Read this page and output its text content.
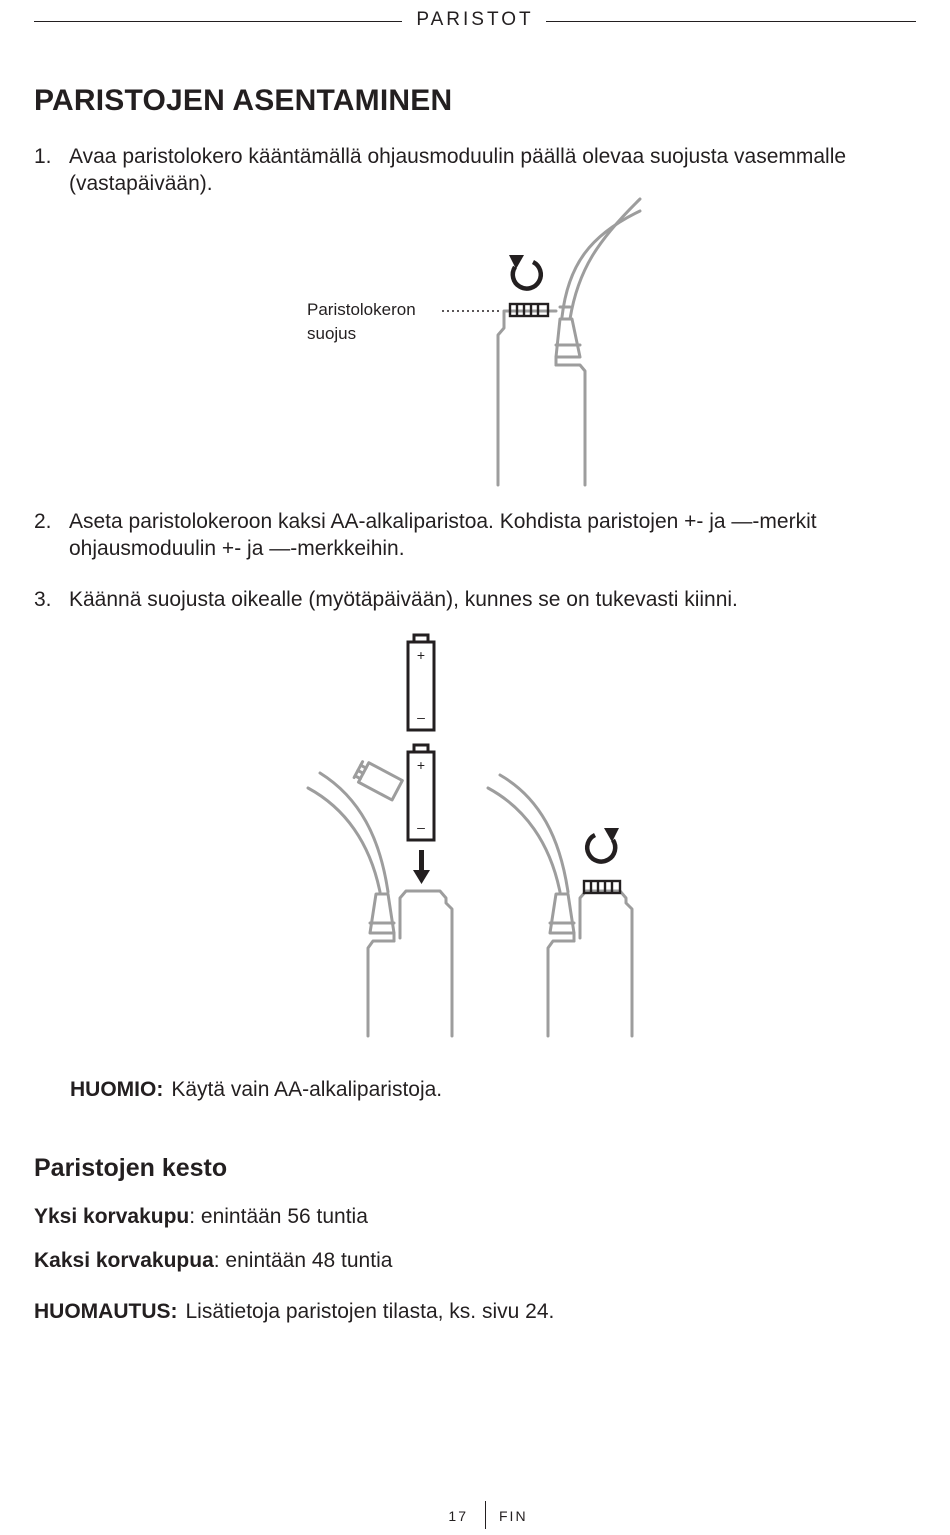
PARISTOT
PARISTOJEN ASENTAMINEN
1. Avaa paristolokero kääntämällä ohjausmoduulin päällä olevaa suojusta vasemmalle (vastapäivään).
Paristolokeron
suojus
2. Aseta paristolokeroon kaksi AA-alkaliparistoa. Kohdista paristojen +- ja —-merkit ohjausmoduulin +- ja —-merkkeihin.
3. Käännä suojusta oikealle (myötäpäivään), kunnes se on tukevasti kiinni.
+
–
+
–
HUOMIO: Käytä vain AA-alkaliparistoja.
Paristojen kesto
Yksi korvakupu: enintään 56 tuntia
Kaksi korvakupua: enintään 48 tuntia
HUOMAUTUS: Lisätietoja paristojen tilasta, ks. sivu 24.
17 FIN
